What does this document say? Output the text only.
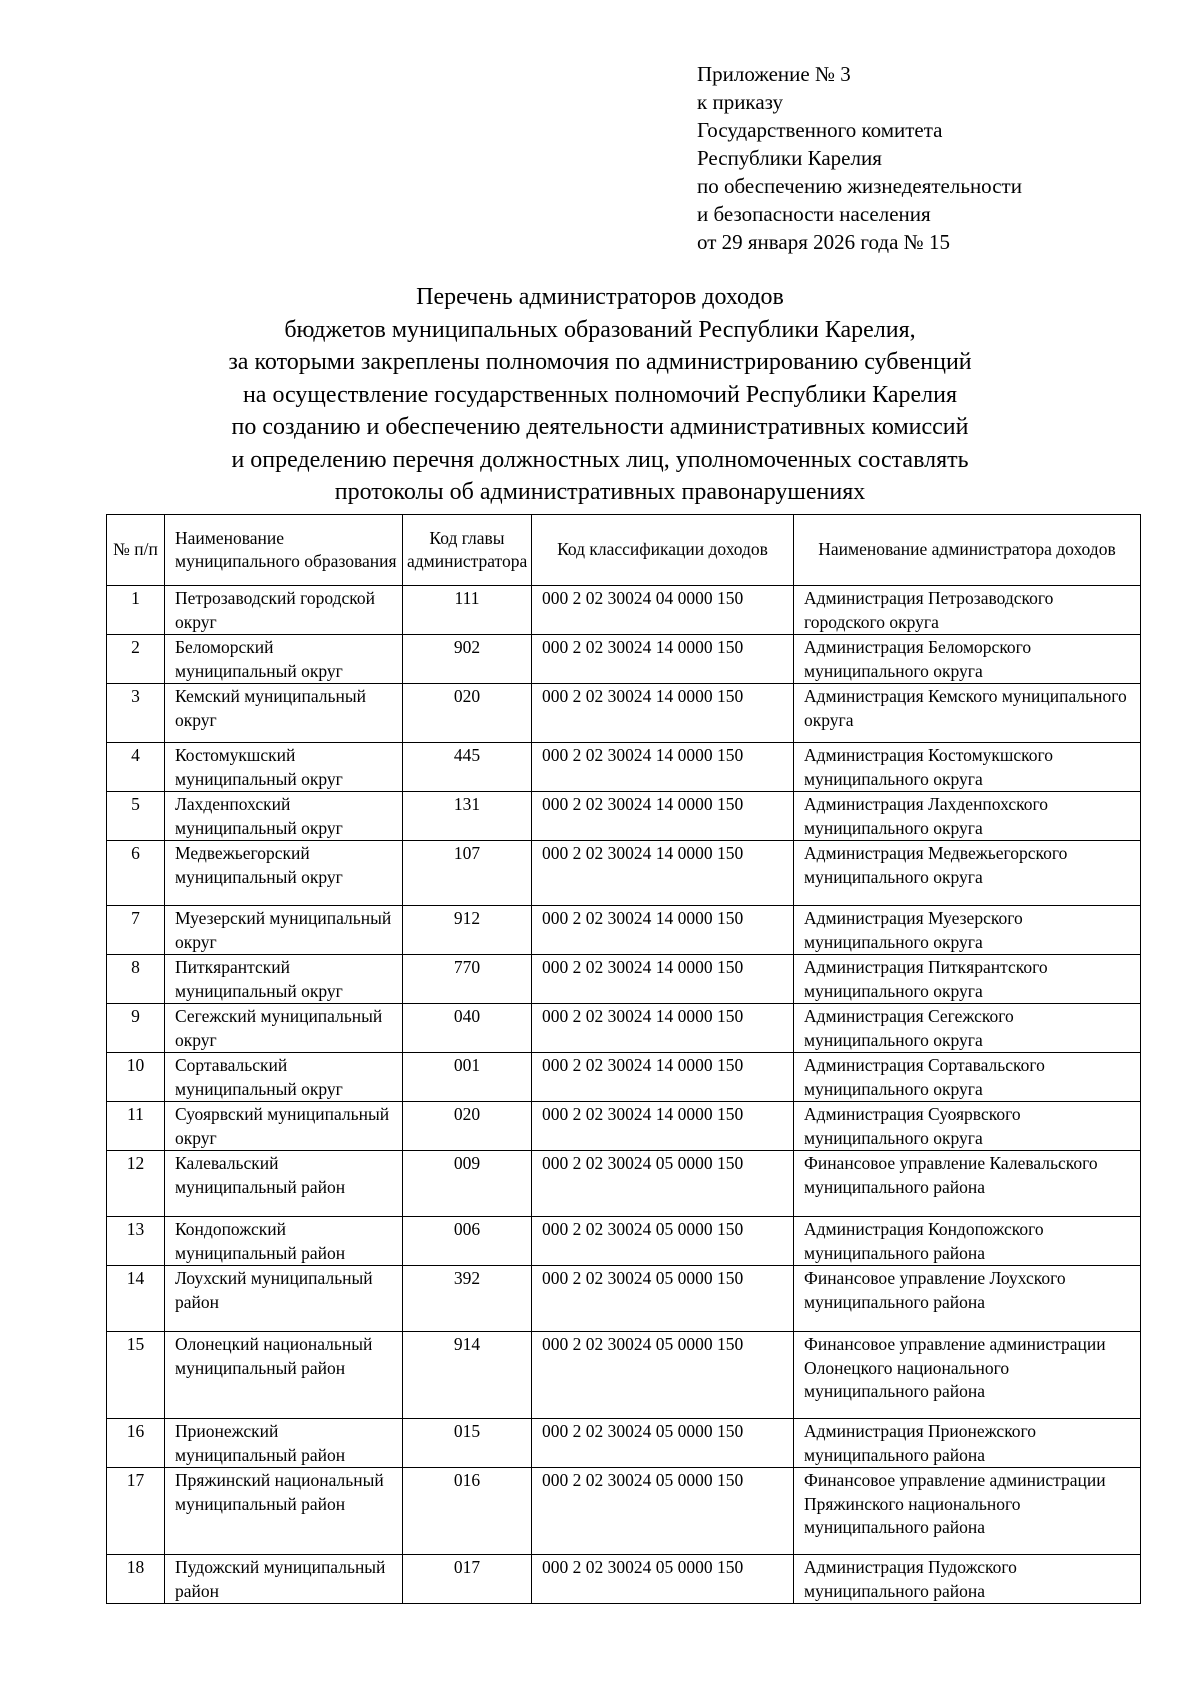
Приложение № 3
к приказу
Государственного комитета
Республики Карелия
по обеспечению жизнедеятельности
и безопасности населения
от 29 января 2026 года № 15
Перечень администраторов доходов
бюджетов муниципальных образований Республики Карелия,
за которыми закреплены полномочия по администрированию субвенций
на осуществление государственных полномочий Республики Карелия
по созданию и обеспечению деятельности административных комиссий
и определению перечня должностных лиц, уполномоченных составлять
протоколы об административных правонарушениях
№ п/п	Наименование муниципального образования	Код главы администратора	Код классификации доходов	Наименование администратора доходов
1	Петрозаводский городской округ	111	000 2 02 30024 04 0000 150	Администрация Петрозаводского городского округа
2	Беломорский муниципальный округ	902	000 2 02 30024 14 0000 150	Администрация Беломорского муниципального округа
3	Кемский муниципальный округ	020	000 2 02 30024 14 0000 150	Администрация Кемского муниципального округа
4	Костомукшский муниципальный округ	445	000 2 02 30024 14 0000 150	Администрация Костомукшского муниципального округа
5	Лахденпохский муниципальный округ	131	000 2 02 30024 14 0000 150	Администрация Лахденпохского муниципального округа
6	Медвежьегорский муниципальный округ	107	000 2 02 30024 14 0000 150	Администрация Медвежьегорского муниципального округа
7	Муезерский муниципальный округ	912	000 2 02 30024 14 0000 150	Администрация Муезерского муниципального округа
8	Питкярантский муниципальный округ	770	000 2 02 30024 14 0000 150	Администрация Питкярантского муниципального округа
9	Сегежский муниципальный округ	040	000 2 02 30024 14 0000 150	Администрация Сегежского муниципального округа
10	Сортавальский муниципальный округ	001	000 2 02 30024 14 0000 150	Администрация Сортавальского муниципального округа
11	Суоярвский муниципальный округ	020	000 2 02 30024 14 0000 150	Администрация Суоярвского муниципального округа
12	Калевальский муниципальный район	009	000 2 02 30024 05 0000 150	Финансовое управление Калевальского муниципального района
13	Кондопожский муниципальный район	006	000 2 02 30024 05 0000 150	Администрация Кондопожского муниципального района
14	Лоухский муниципальный район	392	000 2 02 30024 05 0000 150	Финансовое управление Лоухского муниципального района
15	Олонецкий национальный муниципальный район	914	000 2 02 30024 05 0000 150	Финансовое управление администрации Олонецкого национального муниципального района
16	Прионежский муниципальный район	015	000 2 02 30024 05 0000 150	Администрация Прионежского муниципального района
17	Пряжинский национальный муниципальный район	016	000 2 02 30024 05 0000 150	Финансовое управление администрации Пряжинского национального муниципального района
18	Пудожский муниципальный район	017	000 2 02 30024 05 0000 150	Администрация Пудожского муниципального района
